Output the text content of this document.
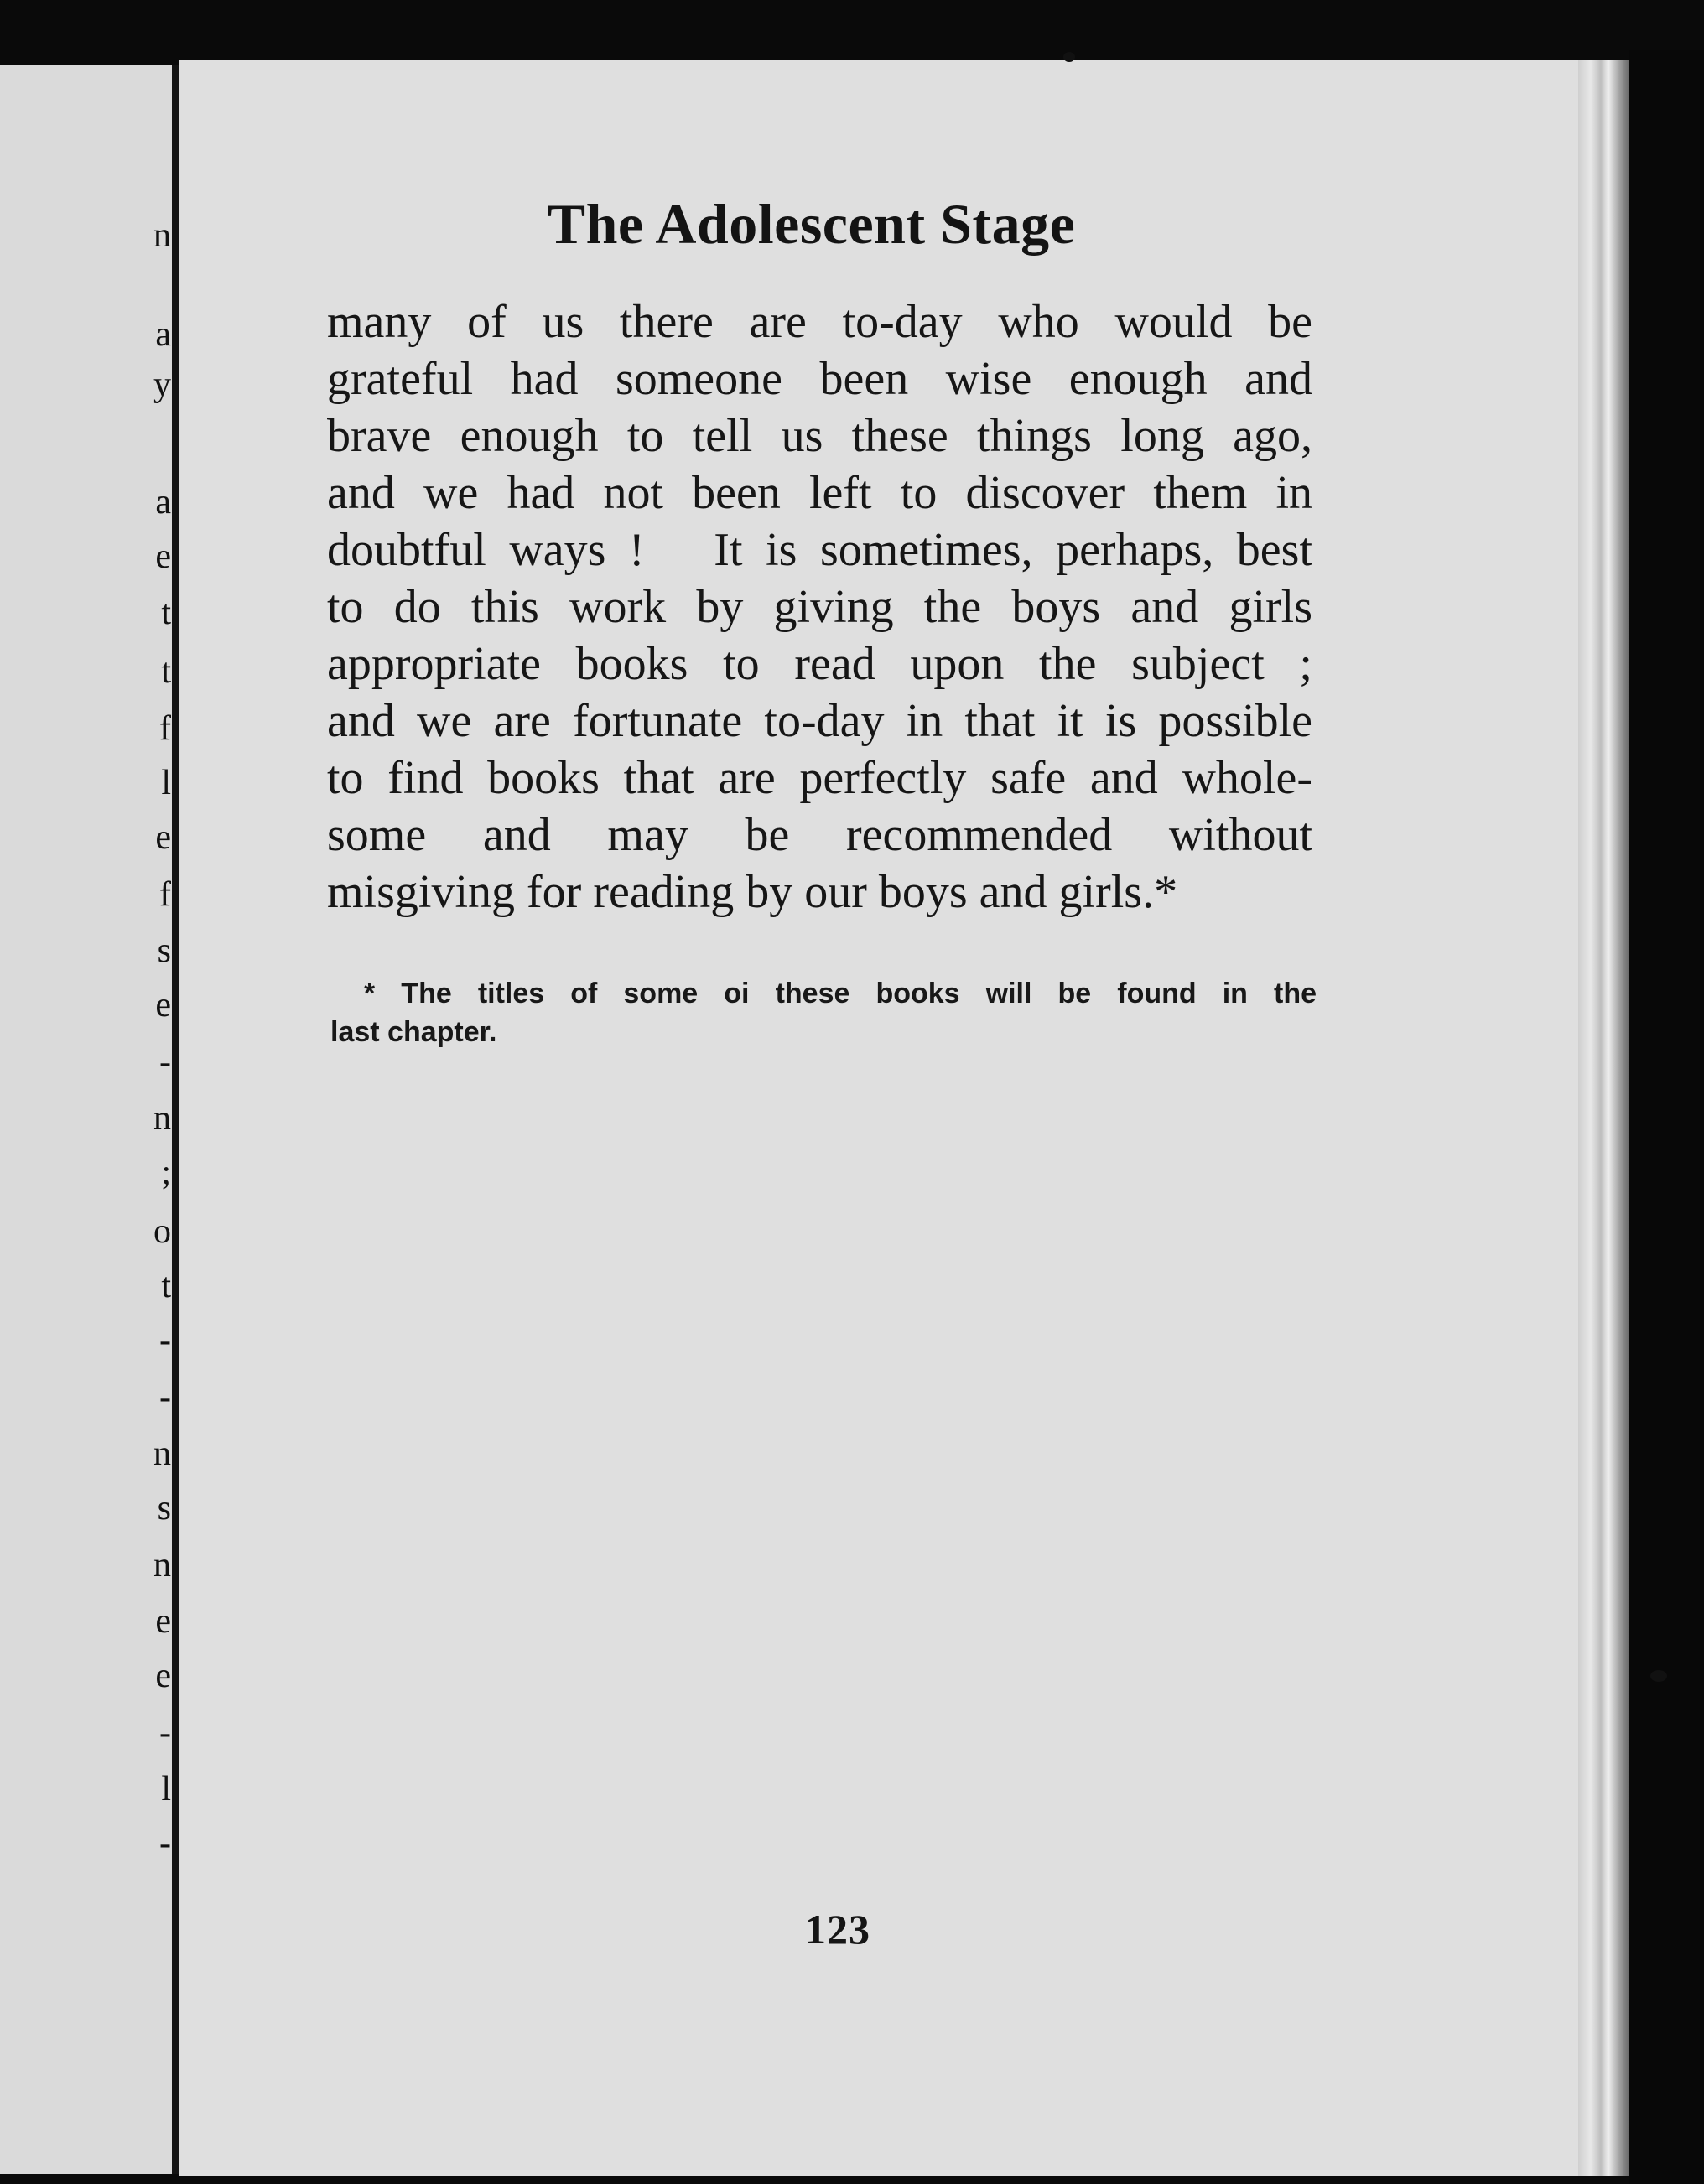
n
a
y
a
e
t
t
f
l
e
f
s
e
-
n
;
o
t
-
-
n
s
n
e
e
-
l
-
The Adolescent Stage
many of us there are to-day who would be
grateful had someone been wise enough and
brave enough to tell us these things long ago,
and we had not been left to discover them in
doubtful ways !   It is sometimes, perhaps, best
to do this work by giving the boys and girls
appropriate books to read upon the subject ;
and we are fortunate to-day in that it is possible
to find books that are perfectly safe and whole-
some and may be recommended without
misgiving for reading by our boys and girls.*
* The titles of some oi these books will be found in the
last chapter.
123
